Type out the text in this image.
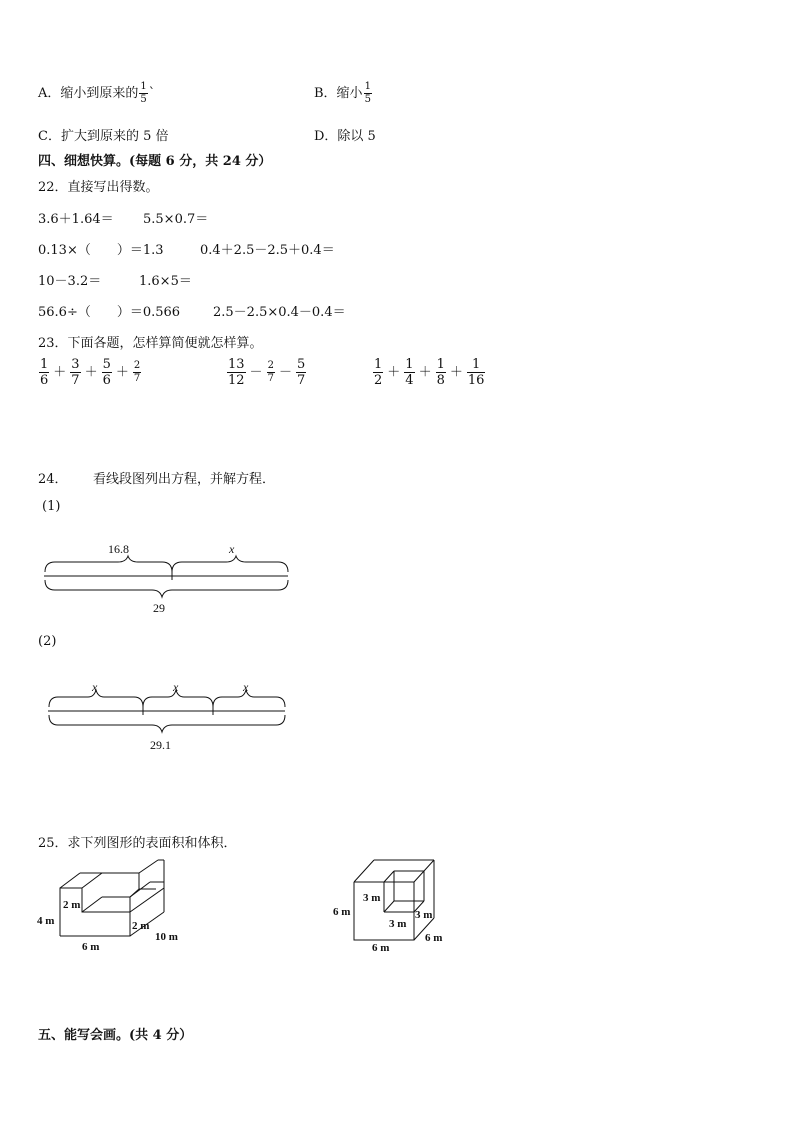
A．缩小到原来的 $\frac{1}{5}$ `	B．缩小 $\frac{1}{5}$
C．扩大到原来的 5 倍	D．除以 5
四、细想快算。(每题 6 分，共 24 分）
22．直接写出得数。
3.6＋1.64＝ 5.5×0.7＝
0.13×（　　）＝1.3	0.4＋2.5－2.5＋0.4＝
10－3.2＝	1.6×5＝
56.6÷（　　）＝0.566	2.5－2.5×0.4－0.4＝
23．下面各题，怎样算简便就怎样算。
$\frac{1}{6} + \frac{3}{7} + \frac{5}{6} + \frac{2}{7}$	$\frac{13}{12} - \frac{2}{7} - \frac{5}{7}$	$\frac{1}{2} + \frac{1}{4} + \frac{1}{8} + \frac{1}{16}$
24． 看线段图列出方程，并解方程．
(1)
16.8	x
29
(2)
x	x	x
29.1
25．求下列图形的表面积和体积．
4 m
2 m
2 m
6 m
10 m
3 m
3 m
3 m
6 m
6 m
6 m
五、能写会画。(共 4 分）
